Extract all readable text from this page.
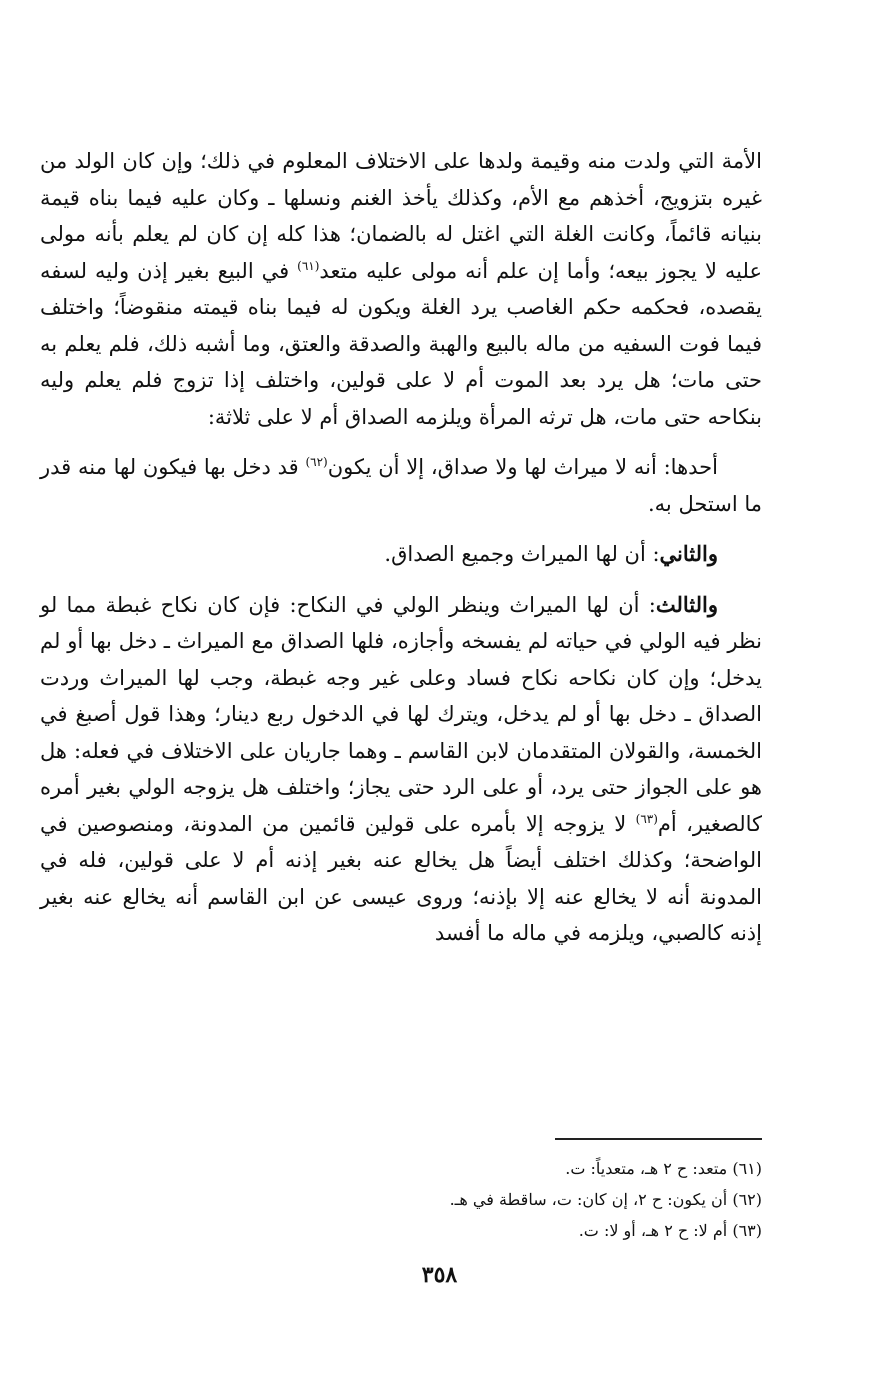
الأمة التي ولدت منه وقيمة ولدها على الاختلاف المعلوم في ذلك؛ وإن كان الولد من غيره بتزويج، أخذهم مع الأم، وكذلك يأخذ الغنم ونسلها ـ وكان عليه فيما بناه قيمة بنيانه قائماً، وكانت الغلة التي اغتل له بالضمان؛ هذا كله إن كان لم يعلم بأنه مولى عليه لا يجوز بيعه؛ وأما إن علم أنه مولى عليه متعد$^{(٦١)}$ في البيع بغير إذن وليه لسفه يقصده، فحكمه حكم الغاصب يرد الغلة ويكون له فيما بناه قيمته منقوضاً؛ واختلف فيما فوت السفيه من ماله بالبيع والهبة والصدقة والعتق، وما أشبه ذلك، فلم يعلم به حتى مات؛ هل يرد بعد الموت أم لا على قولين، واختلف إذا تزوج فلم يعلم وليه بنكاحه حتى مات، هل ترثه المرأة ويلزمه الصداق أم لا على ثلاثة:

أحدها: أنه لا ميراث لها ولا صداق، إلا أن يكون$^{(٦٢)}$ قد دخل بها فيكون لها منه قدر ما استحل به.

والثاني: أن لها الميراث وجميع الصداق.

والثالث: أن لها الميراث وينظر الولي في النكاح: فإن كان نكاح غبطة مما لو نظر فيه الولي في حياته لم يفسخه وأجازه، فلها الصداق مع الميراث ـ دخل بها أو لم يدخل؛ وإن كان نكاحه نكاح فساد وعلى غير وجه غبطة، وجب لها الميراث وردت الصداق ـ دخل بها أو لم يدخل، ويترك لها في الدخول ربع دينار؛ وهذا قول أصبغ في الخمسة، والقولان المتقدمان لابن القاسم ـ وهما جاريان على الاختلاف في فعله: هل هو على الجواز حتى يرد، أو على الرد حتى يجاز؛ واختلف هل يزوجه الولي بغير أمره كالصغير، أم$^{(٦٣)}$ لا يزوجه إلا بأمره على قولين قائمين من المدونة، ومنصوصين في الواضحة؛ وكذلك اختلف أيضاً هل يخالع عنه بغير إذنه أم لا على قولين، فله في المدونة أنه لا يخالع عنه إلا بإذنه؛ وروى عيسى عن ابن القاسم أنه يخالع عنه بغير إذنه كالصبي، ويلزمه في ماله ما أفسد

(٦١) متعد: ح ٢ هـ، متعدياً: ت.
(٦٢) أن يكون: ح ٢، إن كان: ت، ساقطة في هـ.
(٦٣) أم لا: ح ٢ هـ، أو لا: ت.
٣٥٨
